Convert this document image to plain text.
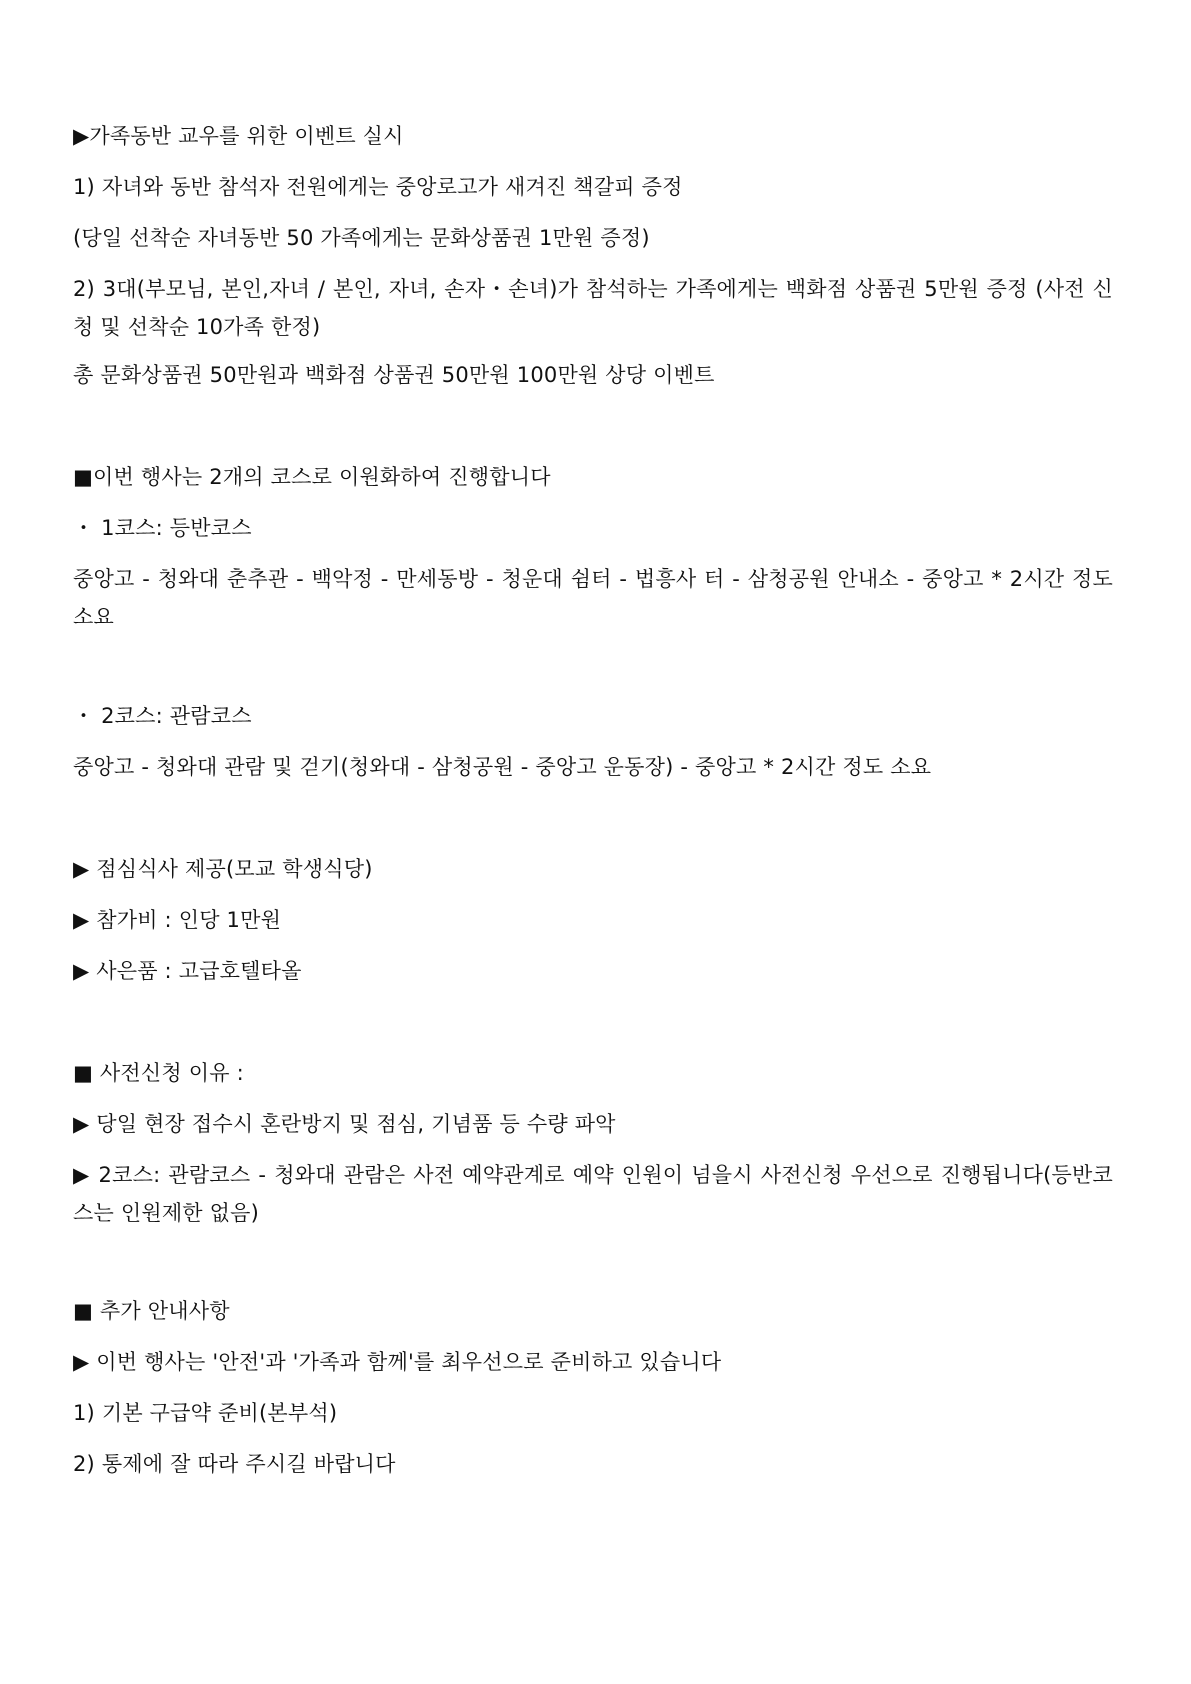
▶가족동반 교우를 위한 이벤트 실시
1) 자녀와 동반 참석자 전원에게는 중앙로고가 새겨진 책갈피 증정
(당일 선착순 자녀동반 50 가족에게는 문화상품권 1만원 증정)
2) 3대(부모님, 본인,자녀 / 본인, 자녀, 손자・손녀)가 참석하는 가족에게는 백화점 상품권 5만원 증정 (사전 신청 및 선착순 10가족 한정)
총 문화상품권 50만원과 백화점 상품권 50만원 100만원 상당 이벤트
■이번 행사는 2개의 코스로 이원화하여 진행합니다
・ 1코스: 등반코스
중앙고 - 청와대 춘추관 - 백악정 - 만세동방 - 청운대 쉼터 - 법흥사 터 - 삼청공원 안내소 - 중앙고 * 2시간 정도 소요
・ 2코스: 관람코스
중앙고 - 청와대 관람 및 걷기(청와대 - 삼청공원 - 중앙고 운동장) - 중앙고 * 2시간 정도 소요
▶ 점심식사 제공(모교 학생식당)
▶ 참가비 : 인당 1만원
▶ 사은품 : 고급호텔타올
■ 사전신청 이유 :
▶ 당일 현장 접수시 혼란방지 및 점심, 기념품 등 수량 파악
▶ 2코스: 관람코스 - 청와대 관람은 사전 예약관계로 예약 인원이 넘을시 사전신청 우선으로 진행됩니다(등반코스는 인원제한 없음)
■ 추가 안내사항
▶ 이번 행사는 '안전'과 '가족과 함께'를 최우선으로 준비하고 있습니다
1) 기본 구급약 준비(본부석)
2) 통제에 잘 따라 주시길 바랍니다
